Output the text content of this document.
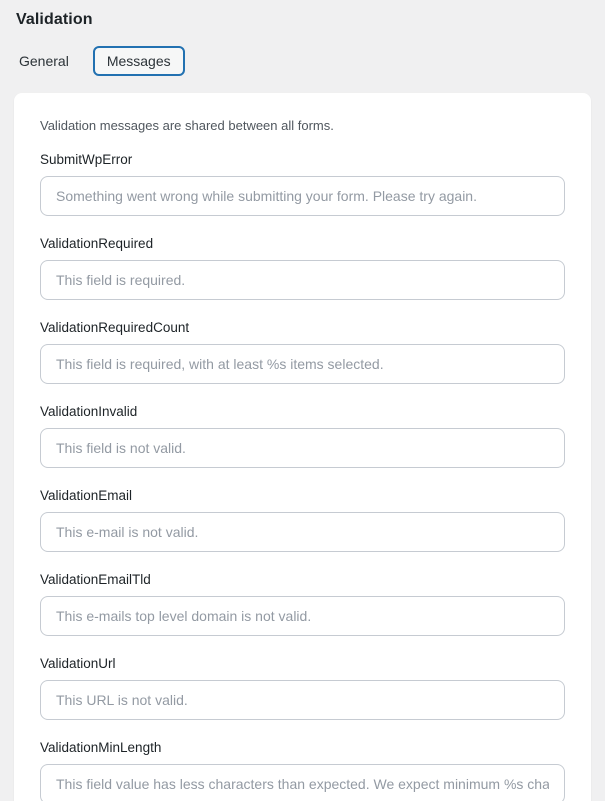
Validation
General	Messages

Validation messages are shared between all forms.

SubmitWpError
Something went wrong while submitting your form. Please try again.
ValidationRequired
This field is required.
ValidationRequiredCount
This field is required, with at least %s items selected.
ValidationInvalid
This field is not valid.
ValidationEmail
This e-mail is not valid.
ValidationEmailTld
This e-mails top level domain is not valid.
ValidationUrl
This URL is not valid.
ValidationMinLength
This field value has less characters than expected. We expect minimum %s chara
